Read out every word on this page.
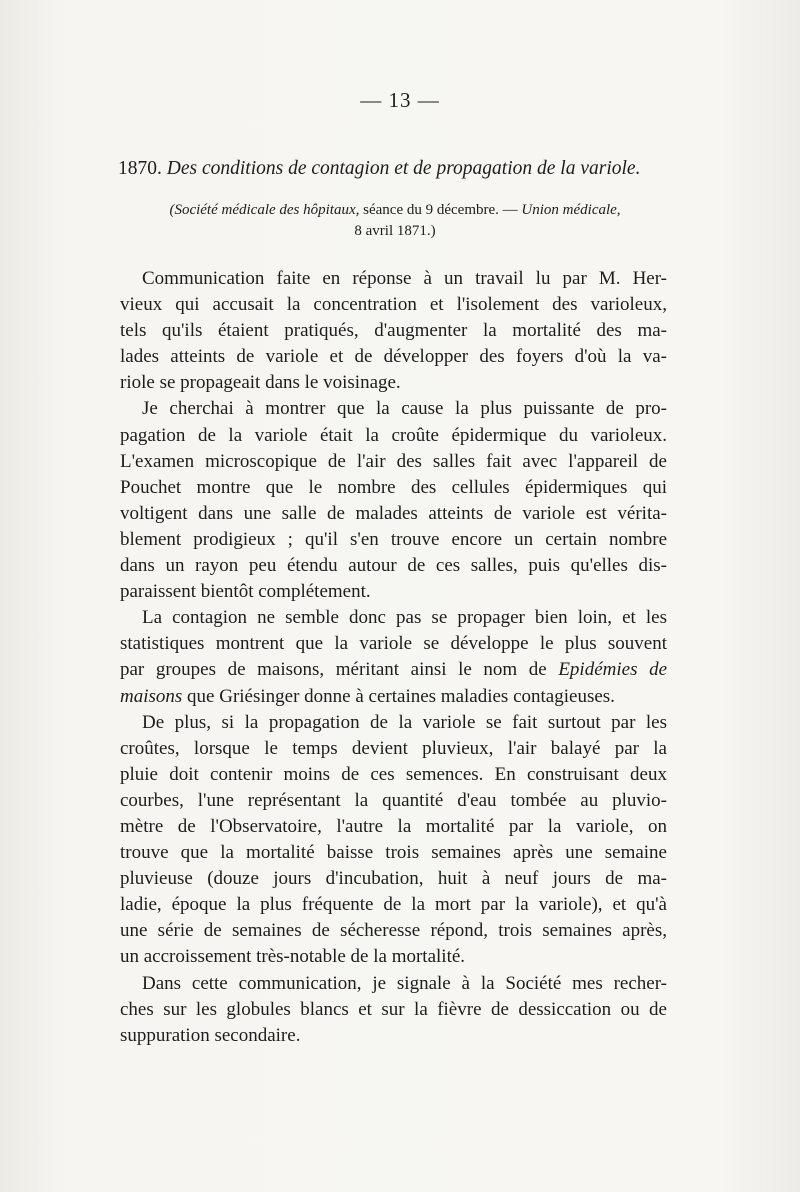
— 13 —
1870. Des conditions de contagion et de propagation de la variole.
(Société médicale des hôpitaux, séance du 9 décembre. — Union médicale,
8 avril 1871.)

Communication faite en réponse à un travail lu par M. Her-
vieux qui accusait la concentration et l'isolement des varioleux,
tels qu'ils étaient pratiqués, d'augmenter la mortalité des ma-
lades atteints de variole et de développer des foyers d'où la va-
riole se propageait dans le voisinage.

Je cherchai à montrer que la cause la plus puissante de pro-
pagation de la variole était la croûte épidermique du varioleux.
L'examen microscopique de l'air des salles fait avec l'appareil de
Pouchet montre que le nombre des cellules épidermiques qui
voltigent dans une salle de malades atteints de variole est vérita-
blement prodigieux ; qu'il s'en trouve encore un certain nombre
dans un rayon peu étendu autour de ces salles, puis qu'elles dis-
paraissent bientôt complétement.

La contagion ne semble donc pas se propager bien loin, et les
statistiques montrent que la variole se développe le plus souvent
par groupes de maisons, méritant ainsi le nom de Epidémies de
maisons que Griésinger donne à certaines maladies contagieuses.

De plus, si la propagation de la variole se fait surtout par les
croûtes, lorsque le temps devient pluvieux, l'air balayé par la
pluie doit contenir moins de ces semences. En construisant deux
courbes, l'une représentant la quantité d'eau tombée au pluvio-
mètre de l'Observatoire, l'autre la mortalité par la variole, on
trouve que la mortalité baisse trois semaines après une semaine
pluvieuse (douze jours d'incubation, huit à neuf jours de ma-
ladie, époque la plus fréquente de la mort par la variole), et qu'à
une série de semaines de sécheresse répond, trois semaines après,
un accroissement très-notable de la mortalité.

Dans cette communication, je signale à la Société mes recher-
ches sur les globules blancs et sur la fièvre de dessiccation ou de
suppuration secondaire.
